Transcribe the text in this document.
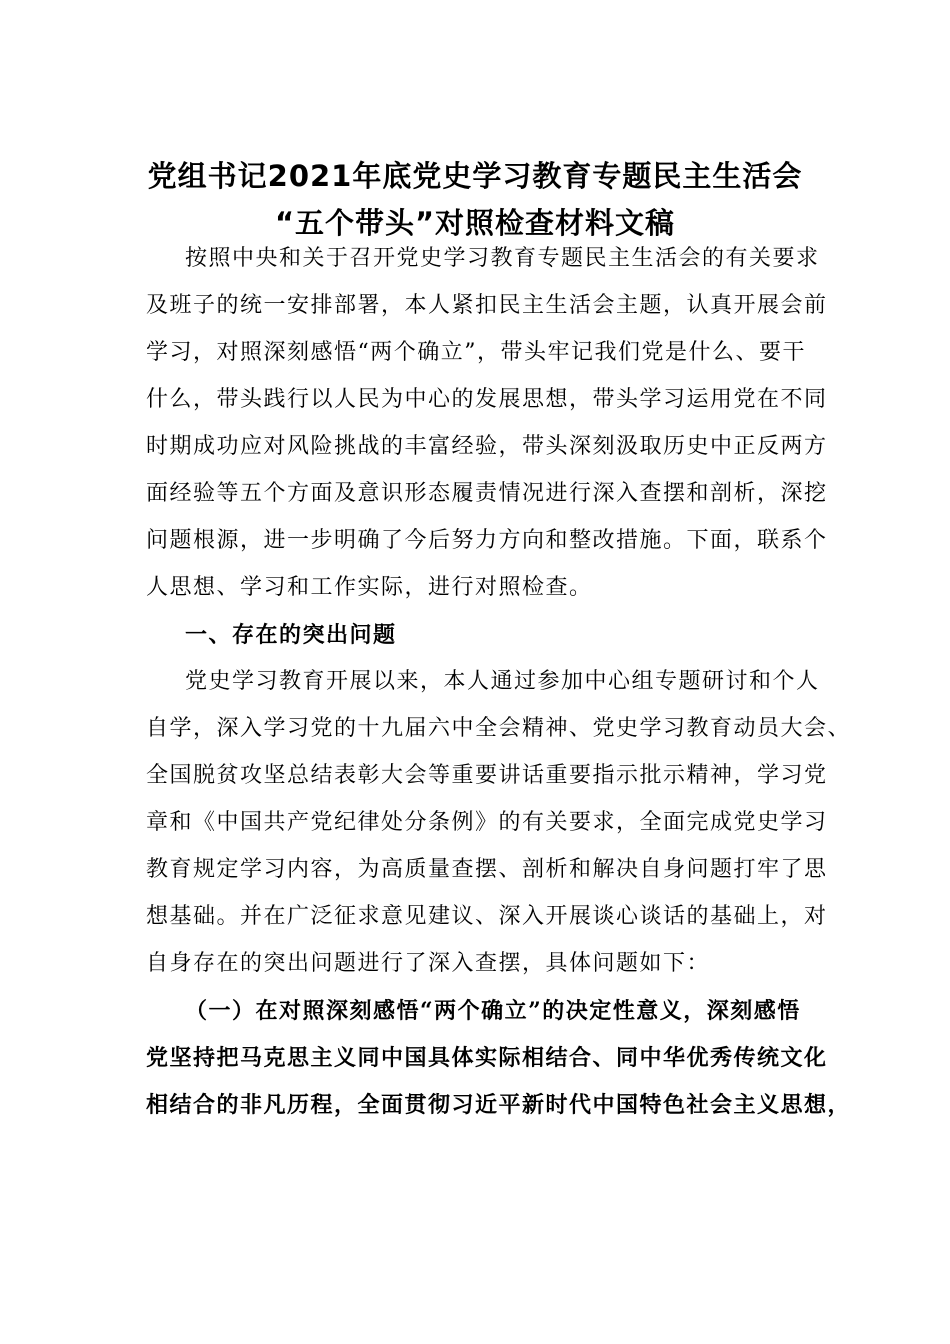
党组书记2021年底党史学习教育专题民主生活会
“五个带头”对照检查材料文稿
按照中央和关于召开党史学习教育专题民主生活会的有关要求
及班子的统一安排部署，本人紧扣民主生活会主题，认真开展会前
学习，对照深刻感悟“两个确立”，带头牢记我们党是什么、要干
什么，带头践行以人民为中心的发展思想，带头学习运用党在不同
时期成功应对风险挑战的丰富经验，带头深刻汲取历史中正反两方
面经验等五个方面及意识形态履责情况进行深入查摆和剖析，深挖
问题根源，进一步明确了今后努力方向和整改措施。下面，联系个
人思想、学习和工作实际，进行对照检查。
一、存在的突出问题
党史学习教育开展以来，本人通过参加中心组专题研讨和个人
自学，深入学习党的十九届六中全会精神、党史学习教育动员大会、
全国脱贫攻坚总结表彰大会等重要讲话重要指示批示精神，学习党
章和《中国共产党纪律处分条例》的有关要求，全面完成党史学习
教育规定学习内容，为高质量查摆、剖析和解决自身问题打牢了思
想基础。并在广泛征求意见建议、深入开展谈心谈话的基础上，对
自身存在的突出问题进行了深入查摆，具体问题如下：
（一）在对照深刻感悟“两个确立”的决定性意义，深刻感悟
党坚持把马克思主义同中国具体实际相结合、同中华优秀传统文化
相结合的非凡历程，全面贯彻习近平新时代中国特色社会主义思想，
